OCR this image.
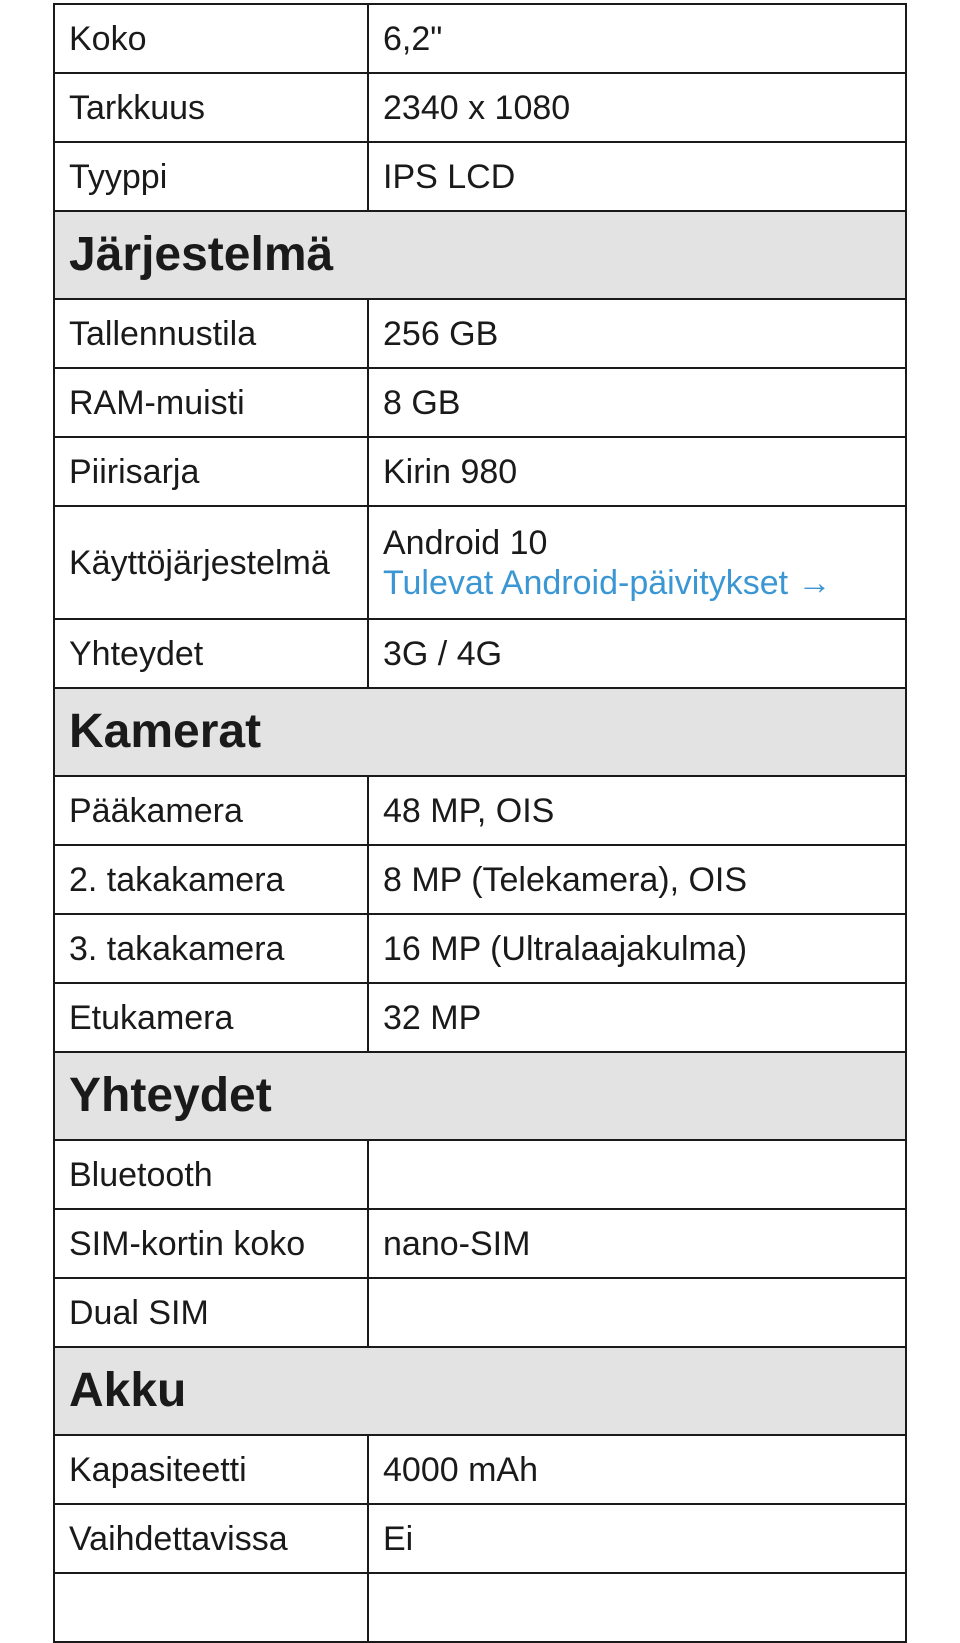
Koko	6,2"
Tarkkuus	2340 x 1080
Tyyppi	IPS LCD
Järjestelmä	
Tallennustila	256 GB
RAM-muisti	8 GB
Piirisarja	Kirin 980
Käyttöjärjestelmä	Android 10
Tulevat Android-päivitykset →

Yhteydet	3G / 4G
Kamerat	
Pääkamera	48 MP, OIS
2. takakamera	8 MP (Telekamera), OIS
3. takakamera	16 MP (Ultralaajakulma)
Etukamera	32 MP
Yhteydet	
Bluetooth	
SIM-kortin koko	nano-SIM
Dual SIM	
Akku	
Kapasiteetti	4000 mAh
Vaihdettavissa	Ei
